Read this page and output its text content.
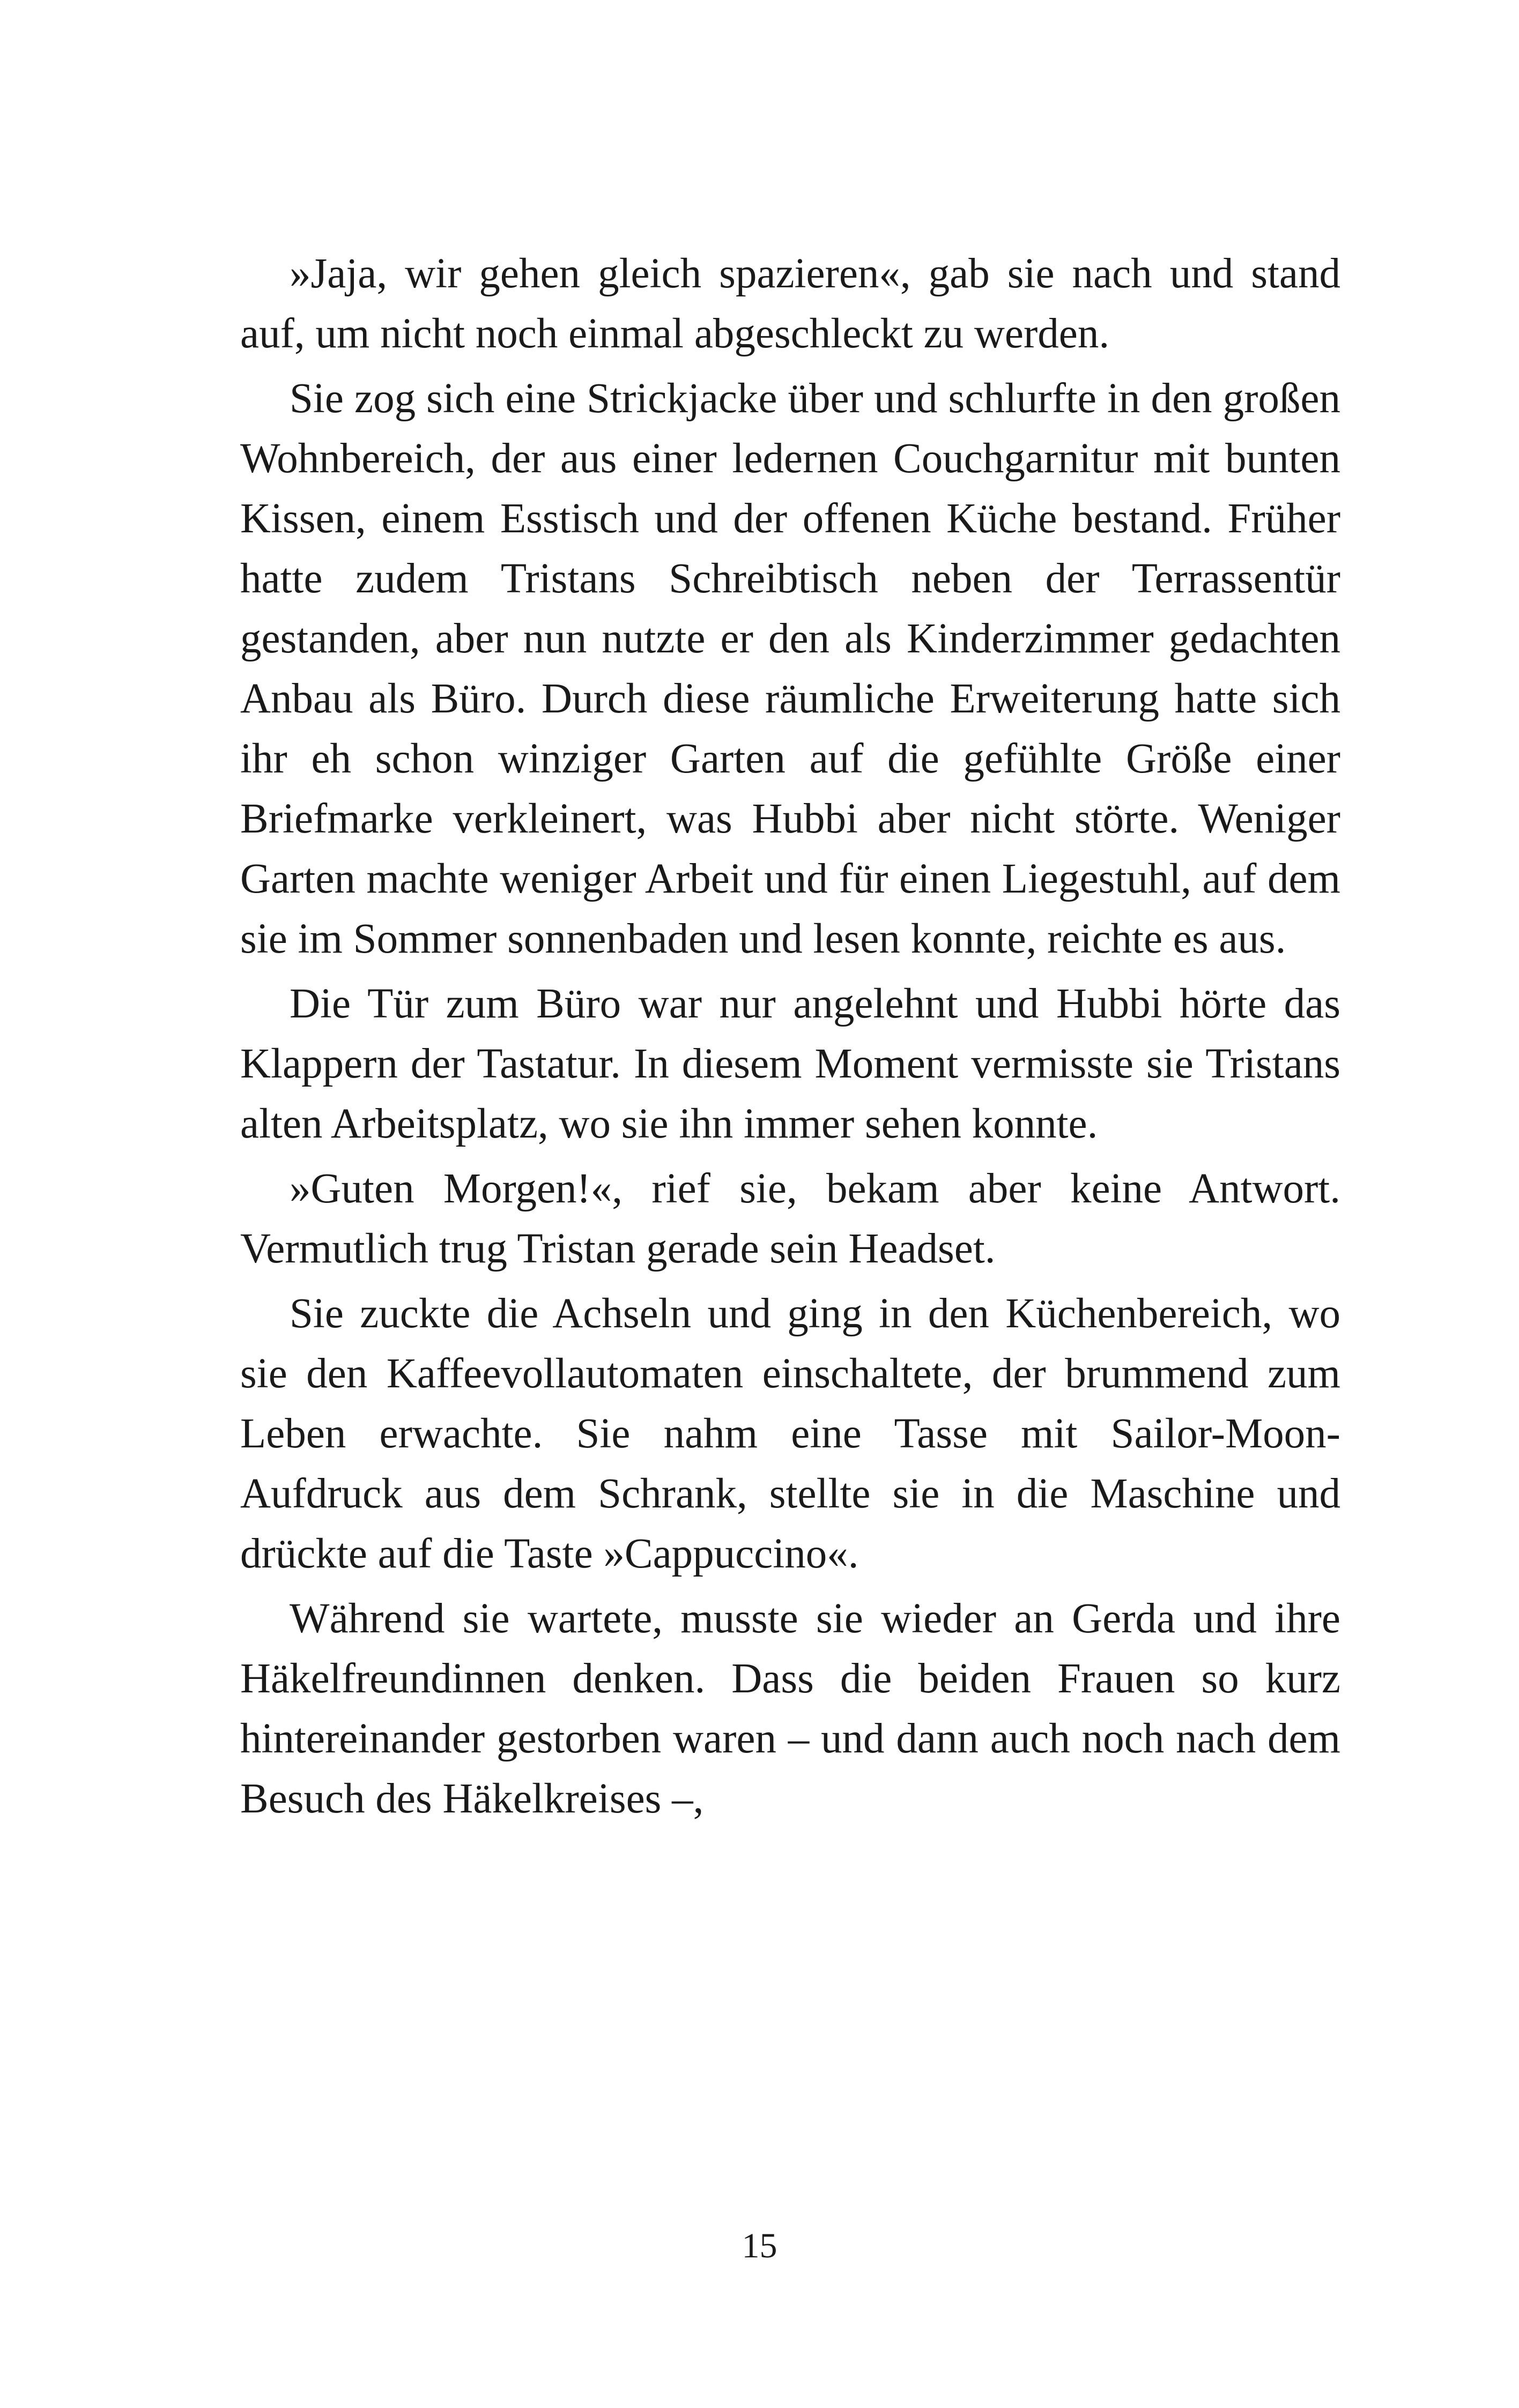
»Jaja, wir gehen gleich spazieren«, gab sie nach und stand auf, um nicht noch einmal abgeschleckt zu werden.

Sie zog sich eine Strickjacke über und schlurfte in den großen Wohnbereich, der aus einer ledernen Couchgarnitur mit bunten Kissen, einem Esstisch und der offenen Küche bestand. Früher hatte zudem Tristans Schreibtisch neben der Terrassentür gestanden, aber nun nutzte er den als Kinderzimmer gedachten Anbau als Büro. Durch diese räumliche Erweiterung hatte sich ihr eh schon winziger Garten auf die gefühlte Größe einer Briefmarke verkleinert, was Hubbi aber nicht störte. Weniger Garten machte weniger Arbeit und für einen Liegestuhl, auf dem sie im Sommer sonnenbaden und lesen konnte, reichte es aus.

Die Tür zum Büro war nur angelehnt und Hubbi hörte das Klappern der Tastatur. In diesem Moment vermisste sie Tristans alten Arbeitsplatz, wo sie ihn immer sehen konnte.

»Guten Morgen!«, rief sie, bekam aber keine Antwort. Vermutlich trug Tristan gerade sein Headset.

Sie zuckte die Achseln und ging in den Küchenbereich, wo sie den Kaffeevollautomaten einschaltete, der brummend zum Leben erwachte. Sie nahm eine Tasse mit Sailor-Moon-Aufdruck aus dem Schrank, stellte sie in die Maschine und drückte auf die Taste »Cappuccino«.

Während sie wartete, musste sie wieder an Gerda und ihre Häkelfreundinnen denken. Dass die beiden Frauen so kurz hintereinander gestorben waren – und dann auch noch nach dem Besuch des Häkelkreises –,

15
